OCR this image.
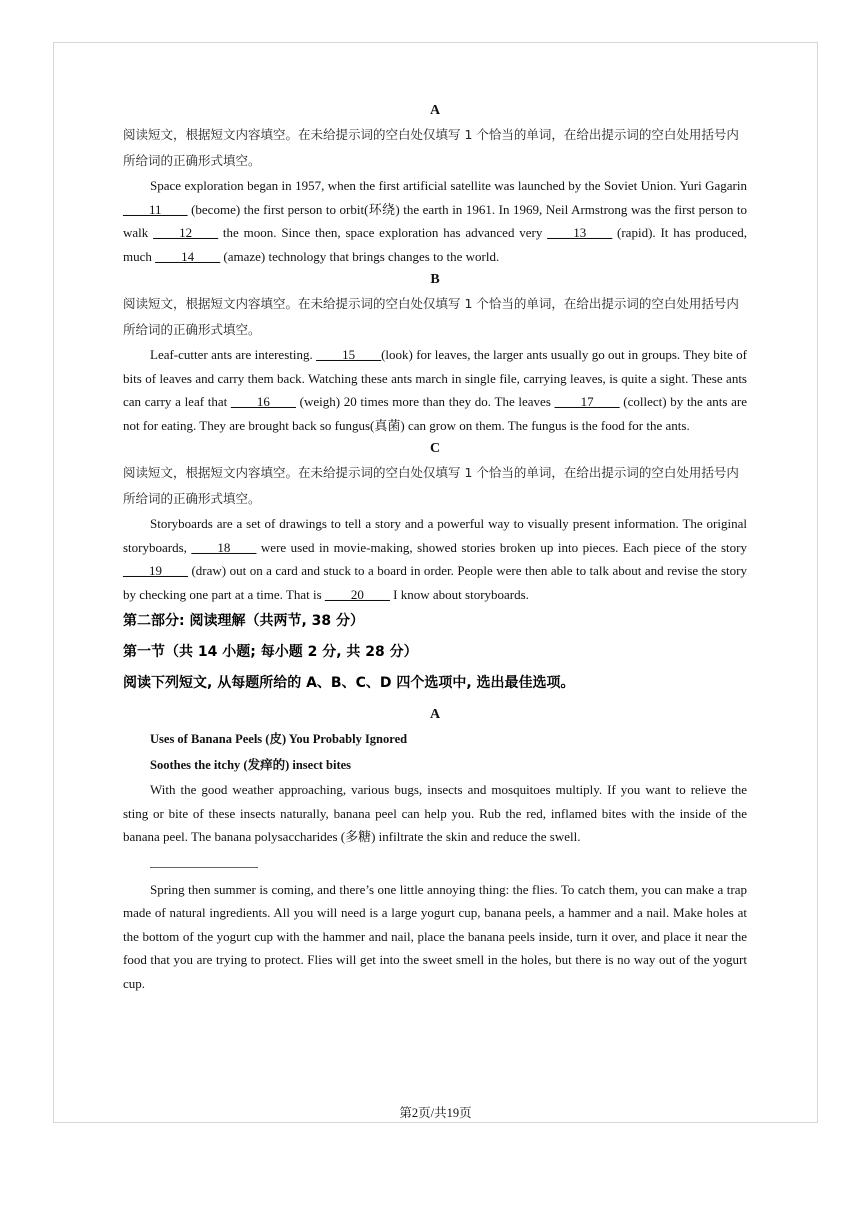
A
阅读短文，根据短文内容填空。在未给提示词的空白处仅填写 1 个恰当的单词，在给出提示词的空白处用括号内所给词的正确形式填空。

Space exploration began in 1957, when the first artificial satellite was launched by the Soviet Union. Yuri Gagarin ____11____ (become) the first person to orbit(环绕) the earth in 1961. In 1969, Neil Armstrong was the first person to walk ____12____ the moon. Since then, space exploration has advanced very ____13____ (rapid). It has produced, much ____14____ (amaze) technology that brings changes to the world.

B
阅读短文，根据短文内容填空。在未给提示词的空白处仅填写 1 个恰当的单词，在给出提示词的空白处用括号内所给词的正确形式填空。

Leaf-cutter ants are interesting. ____15____(look) for leaves, the larger ants usually go out in groups. They bite of bits of leaves and carry them back. Watching these ants march in single file, carrying leaves, is quite a sight. These ants can carry a leaf that ____16____ (weigh) 20 times more than they do. The leaves ____17____ (collect) by the ants are not for eating. They are brought back so fungus(真菌) can grow on them. The fungus is the food for the ants.

C
阅读短文，根据短文内容填空。在未给提示词的空白处仅填写 1 个恰当的单词，在给出提示词的空白处用括号内所给词的正确形式填空。

Storyboards are a set of drawings to tell a story and a powerful way to visually present information. The original storyboards, ____18____ were used in movie-making, showed stories broken up into pieces. Each piece of the story ____19____ (draw) out on a card and stuck to a board in order. People were then able to talk about and revise the story by checking one part at a time. That is ____20____ I know about storyboards.

第二部分: 阅读理解（共两节, 38 分）
第一节（共 14 小题; 每小题 2 分, 共 28 分）
阅读下列短文, 从每题所给的 A、B、C、D 四个选项中, 选出最佳选项。
A
Uses of Banana Peels (皮) You Probably Ignored
Soothes the itchy (发痒的) insect bites

With the good weather approaching, various bugs, insects and mosquitoes multiply. If you want to relieve the sting or bite of these insects naturally, banana peel can help you. Rub the red, inflamed bites with the inside of the banana peel. The banana polysaccharides (多糖) infiltrate the skin and reduce the swell.

Spring then summer is coming, and there’s one little annoying thing: the flies. To catch them, you can make a trap made of natural ingredients. All you will need is a large yogurt cup, banana peels, a hammer and a nail. Make holes at the bottom of the yogurt cup with the hammer and nail, place the banana peels inside, turn it over, and place it near the food that you are trying to protect. Flies will get into the sweet smell in the holes, but there is no way out of the yogurt cup.

第2页/共19页
